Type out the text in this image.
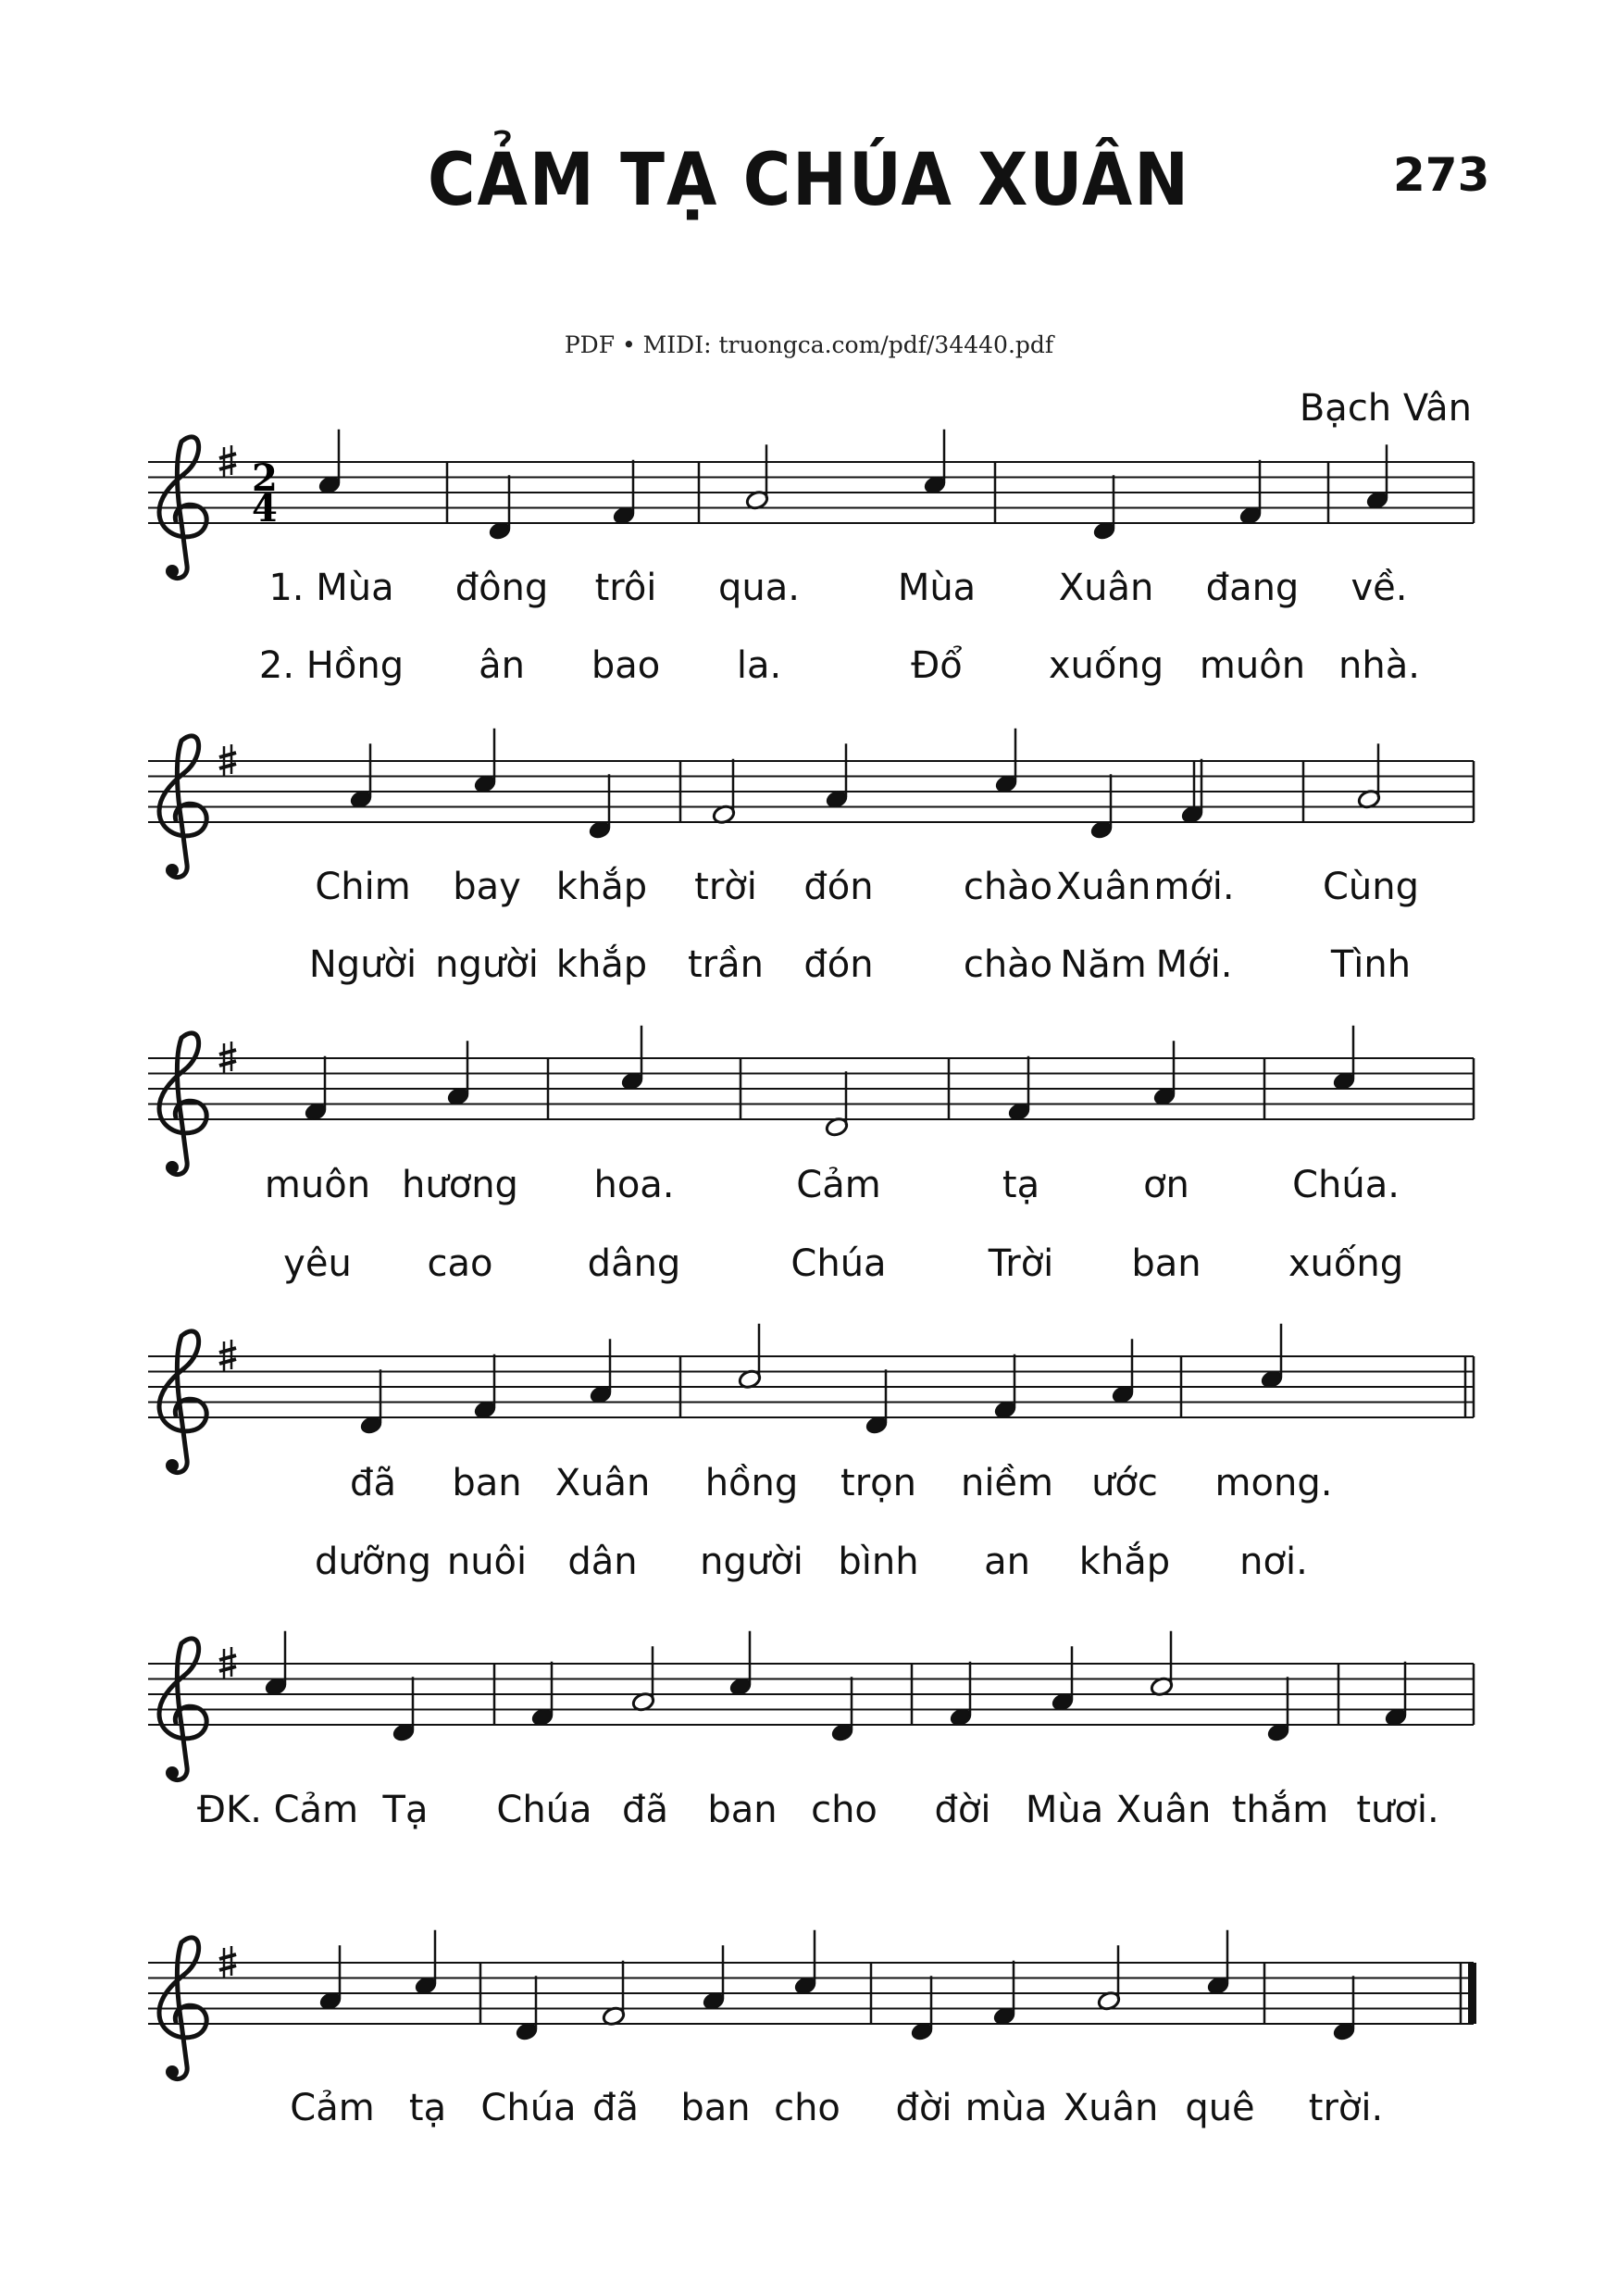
CẢM TẠ CHÚA XUÂN	273
PDF • MIDI: truongca.com/pdf/34440.pdf
Bạch Vân
2
4
1. Mùa đông trôi qua.	Mùa Xuân đang về.
2. Hồng ân bao la.	Đổ xuống muôn nhà.
Chim bay khắp trời đón chào Xuân mới. Cùng
Người người khắp trần đón chào Năm Mới.	Tình
muôn hương hoa.	Cảm	tạ	ơn	Chúa.
yêu cao	dâng	Chúa	Trời ban xuống
đã ban Xuân hồng trọn niềm ước mong.
dưỡng nuôi dân người bình an khắp nơi.
ĐK. Cảm Tạ Chúa đã ban cho đời Mùa Xuân thắm tươi.
Cảm tạ Chúa đã ban cho đời mùa Xuân quê trời.
